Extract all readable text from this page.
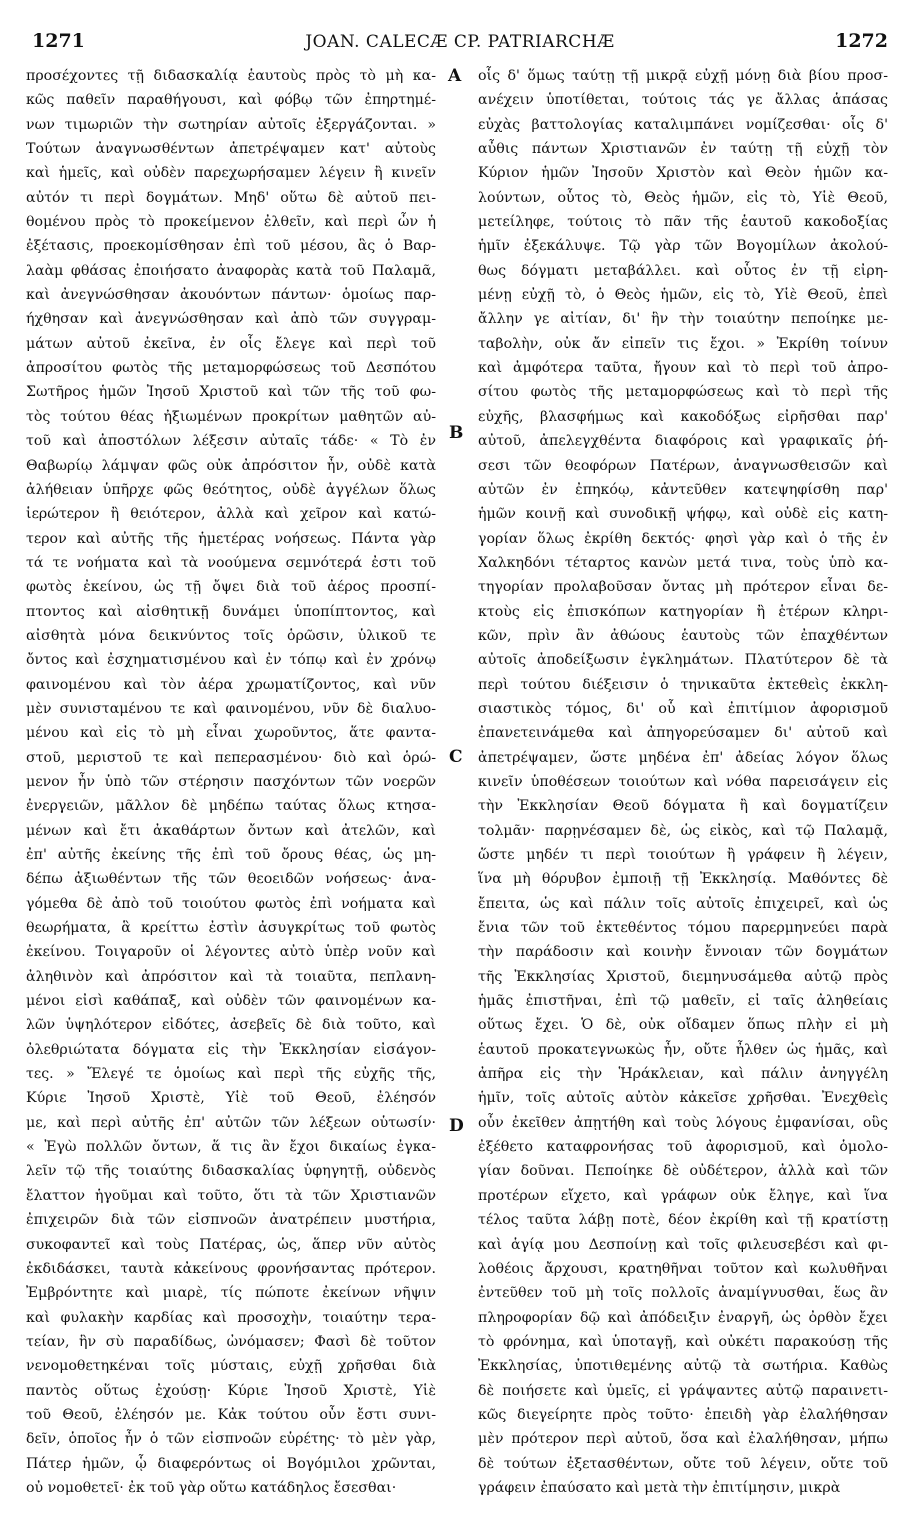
1271	JOAN. CALECÆ CP. PATRIARCHÆ	1272
A
B
C
D
προσέχοντες τῇ διδασκαλίᾳ ἑαυτοὺς πρὸς τὸ μὴ κα-
κῶς παθεῖν παραθήγουσι, καὶ φόβῳ τῶν ἐπηρτημέ-
νων τιμωριῶν τὴν σωτηρίαν αὐτοῖς ἐξεργάζονται. »
Τούτων ἀναγνωσθέντων ἀπετρέψαμεν κατ' αὐτοὺς
καὶ ἡμεῖς, καὶ οὐδὲν παρεχωρήσαμεν λέγειν ἢ κινεῖν
αὐτόν τι περὶ δογμάτων. Μηδ' οὕτω δὲ αὐτοῦ πει-
θομένου πρὸς τὸ προκείμενον ἐλθεῖν, καὶ περὶ ὧν ἡ
ἐξέτασις, προεκομίσθησαν ἐπὶ τοῦ μέσου, ἃς ὁ Βαρ-
λαὰμ φθάσας ἐποιήσατο ἀναφορὰς κατὰ τοῦ Παλαμᾶ,
καὶ ἀνεγνώσθησαν ἀκουόντων πάντων· ὁμοίως παρ-
ήχθησαν καὶ ἀνεγνώσθησαν καὶ ἀπὸ τῶν συγγραμ-
μάτων αὐτοῦ ἐκεῖνα, ἐν οἷς ἔλεγε καὶ περὶ τοῦ
ἀπροσίτου φωτὸς τῆς μεταμορφώσεως τοῦ Δεσπότου
Σωτῆρος ἡμῶν Ἰησοῦ Χριστοῦ καὶ τῶν τῆς τοῦ φω-
τὸς τούτου θέας ἠξιωμένων προκρίτων μαθητῶν αὐ-
τοῦ καὶ ἀποστόλων λέξεσιν αὐταῖς τάδε· « Τὸ ἐν
Θαβωρίῳ λάμψαν φῶς οὐκ ἀπρόσιτον ἦν, οὐδὲ κατὰ
ἀλήθειαν ὑπῆρχε φῶς θεότητος, οὐδὲ ἀγγέλων ὅλως
ἱερώτερον ἢ θειότερον, ἀλλὰ καὶ χεῖρον καὶ κατώ-
τερον καὶ αὐτῆς τῆς ἡμετέρας νοήσεως. Πάντα γὰρ
τά τε νοήματα καὶ τὰ νοούμενα σεμνότερά ἐστι τοῦ
φωτὸς ἐκείνου, ὡς τῇ ὄψει διὰ τοῦ ἀέρος προσπί-
πτοντος καὶ αἰσθητικῇ δυνάμει ὑποπίπτοντος, καὶ
αἰσθητὰ μόνα δεικνύντος τοῖς ὁρῶσιν, ὑλικοῦ τε
ὄντος καὶ ἐσχηματισμένου καὶ ἐν τόπῳ καὶ ἐν χρόνῳ
φαινομένου καὶ τὸν ἀέρα χρωματίζοντος, καὶ νῦν
μὲν συνισταμένου τε καὶ φαινομένου, νῦν δὲ διαλυο-
μένου καὶ εἰς τὸ μὴ εἶναι χωροῦντος, ἅτε φαντα-
στοῦ, μεριστοῦ τε καὶ πεπερασμένου· διὸ καὶ ὁρώ-
μενον ἦν ὑπὸ τῶν στέρησιν πασχόντων τῶν νοερῶν
ἐνεργειῶν, μᾶλλον δὲ μηδέπω ταύτας ὅλως κτησα-
μένων καὶ ἔτι ἀκαθάρτων ὄντων καὶ ἀτελῶν, καὶ
ἐπ' αὐτῆς ἐκείνης τῆς ἐπὶ τοῦ ὄρους θέας, ὡς μη-
δέπω ἀξιωθέντων τῆς τῶν θεοειδῶν νοήσεως· ἀνα-
γόμεθα δὲ ἀπὸ τοῦ τοιούτου φωτὸς ἐπὶ νοήματα καὶ
θεωρήματα, ἃ κρείττω ἐστὶν ἀσυγκρίτως τοῦ φωτὸς
ἐκείνου. Τοιγαροῦν οἱ λέγοντες αὐτὸ ὑπὲρ νοῦν καὶ
ἀληθινὸν καὶ ἀπρόσιτον καὶ τὰ τοιαῦτα, πεπλανη-
μένοι εἰσὶ καθάπαξ, καὶ οὐδὲν τῶν φαινομένων κα-
λῶν ὑψηλότερον εἰδότες, ἀσεβεῖς δὲ διὰ τοῦτο, καὶ
ὀλεθριώτατα δόγματα εἰς τὴν Ἐκκλησίαν εἰσάγον-
τες. » Ἔλεγέ τε ὁμοίως καὶ περὶ τῆς εὐχῆς τῆς,
Κύριε Ἰησοῦ Χριστὲ, Υἱὲ τοῦ Θεοῦ, ἐλέησόν
με, καὶ περὶ αὐτῆς ἐπ' αὐτῶν τῶν λέξεων οὑτωσίν·
« Ἐγὼ πολλῶν ὄντων, ἅ τις ἂν ἔχοι δικαίως ἐγκα-
λεῖν τῷ τῆς τοιαύτης διδασκαλίας ὑφηγητῇ, οὐδενὸς
ἔλαττον ἡγοῦμαι καὶ τοῦτο, ὅτι τὰ τῶν Χριστιανῶν
ἐπιχειρῶν διὰ τῶν εἰσπνοῶν ἀνατρέπειν μυστήρια,
συκοφαντεῖ καὶ τοὺς Πατέρας, ὡς, ἅπερ νῦν αὐτὸς
ἐκδιδάσκει, ταυτὰ κἀκείνους φρονήσαντας πρότερον.
Ἐμβρόντητε καὶ μιαρὲ, τίς πώποτε ἐκείνων νῆψιν
καὶ φυλακὴν καρδίας καὶ προσοχὴν, τοιαύτην τερα-
τείαν, ἣν σὺ παραδίδως, ὠνόμασεν; Φασὶ δὲ τοῦτον
νενομοθετηκέναι τοῖς μύσταις, εὐχῇ χρῆσθαι διὰ
παντὸς οὕτως ἐχούσῃ· Κύριε Ἰησοῦ Χριστὲ, Υἱὲ
τοῦ Θεοῦ, ἐλέησόν με. Κἀκ τούτου οὖν ἔστι συνι-
δεῖν, ὁποῖος ἦν ὁ τῶν εἰσπνοῶν εὑρέτης· τὸ μὲν γὰρ,
Πάτερ ἡμῶν, ᾧ διαφερόντως οἱ Βογόμιλοι χρῶνται,
οὐ νομοθετεῖ· ἐκ τοῦ γὰρ οὕτω κατάδηλος ἔσεσθαι·
οἷς δ' ὅμως ταύτῃ τῇ μικρᾷ εὐχῇ μόνῃ διὰ βίου προσ-
ανέχειν ὑποτίθεται, τούτοις τάς γε ἄλλας ἁπάσας
εὐχὰς βαττολογίας καταλιμπάνει νομίζεσθαι· οἷς δ'
αὖθις πάντων Χριστιανῶν ἐν ταύτῃ τῇ εὐχῇ τὸν
Κύριον ἡμῶν Ἰησοῦν Χριστὸν καὶ Θεὸν ἡμῶν κα-
λούντων, οὗτος τὸ, Θεὸς ἡμῶν, εἰς τὸ, Υἱὲ Θεοῦ,
μετείληφε, τούτοις τὸ πᾶν τῆς ἑαυτοῦ κακοδοξίας
ἡμῖν ἐξεκάλυψε. Τῷ γὰρ τῶν Βογομίλων ἀκολού-
θως δόγματι μεταβάλλει. καὶ οὗτος ἐν τῇ εἰρη-
μένῃ εὐχῇ τὸ, ὁ Θεὸς ἡμῶν, εἰς τὸ, Υἱὲ Θεοῦ, ἐπεὶ
ἄλλην γε αἰτίαν, δι' ἣν τὴν τοιαύτην πεποίηκε με-
ταβολὴν, οὐκ ἄν εἰπεῖν τις ἔχοι. » Ἐκρίθη τοίνυν
καὶ ἀμφότερα ταῦτα, ἤγουν καὶ τὸ περὶ τοῦ ἀπρο-
σίτου φωτὸς τῆς μεταμορφώσεως καὶ τὸ περὶ τῆς
εὐχῆς, βλασφήμως καὶ κακοδόξως εἰρῆσθαι παρ'
αὐτοῦ, ἀπελεγχθέντα διαφόροις καὶ γραφικαῖς ῥή-
σεσι τῶν θεοφόρων Πατέρων, ἀναγνωσθεισῶν καὶ
αὐτῶν ἐν ἐπηκόῳ, κἀντεῦθεν κατεψηφίσθη παρ'
ἡμῶν κοινῇ καὶ συνοδικῇ ψήφῳ, καὶ οὐδὲ εἰς κατη-
γορίαν ὅλως ἐκρίθη δεκτός· φησὶ γὰρ καὶ ὁ τῆς ἐν
Χαλκηδόνι τέταρτος κανὼν μετά τινα, τοὺς ὑπὸ κα-
τηγορίαν προλαβοῦσαν ὄντας μὴ πρότερον εἶναι δε-
κτοὺς εἰς ἐπισκόπων κατηγορίαν ἢ ἑτέρων κληρι-
κῶν, πρὶν ἂν ἀθώους ἑαυτοὺς τῶν ἐπαχθέντων
αὐτοῖς ἀποδείξωσιν ἐγκλημάτων. Πλατύτερον δὲ τὰ
περὶ τούτου διέξεισιν ὁ τηνικαῦτα ἐκτεθεὶς ἐκκλη-
σιαστικὸς τόμος, δι' οὗ καὶ ἐπιτίμιον ἀφορισμοῦ
ἐπανετεινάμεθα καὶ ἀπηγορεύσαμεν δι' αὐτοῦ καὶ
ἀπετρέψαμεν, ὥστε μηδένα ἐπ' ἀδείας λόγον ὅλως
κινεῖν ὑποθέσεων τοιούτων καὶ νόθα παρεισάγειν εἰς
τὴν Ἐκκλησίαν Θεοῦ δόγματα ἢ καὶ δογματίζειν
τολμᾶν· παρῃνέσαμεν δὲ, ὡς εἰκὸς, καὶ τῷ Παλαμᾷ,
ὥστε μηδέν τι περὶ τοιούτων ἢ γράφειν ἢ λέγειν,
ἵνα μὴ θόρυβον ἐμποιῇ τῇ Ἐκκλησίᾳ. Μαθόντες δὲ
ἔπειτα, ὡς καὶ πάλιν τοῖς αὐτοῖς ἐπιχειρεῖ, καὶ ὡς
ἔνια τῶν τοῦ ἐκτεθέντος τόμου παρερμηνεύει παρὰ
τὴν παράδοσιν καὶ κοινὴν ἔννοιαν τῶν δογμάτων
τῆς Ἐκκλησίας Χριστοῦ, διεμηνυσάμεθα αὐτῷ πρὸς
ἡμᾶς ἐπιστῆναι, ἐπὶ τῷ μαθεῖν, εἰ ταῖς ἀληθείαις
οὕτως ἔχει. Ὁ δὲ, οὐκ οἴδαμεν ὅπως πλὴν εἰ μὴ
ἑαυτοῦ προκατεγνωκὼς ἦν, οὔτε ἦλθεν ὡς ἡμᾶς, καὶ
ἀπῆρα εἰς τὴν Ἡράκλειαν, καὶ πάλιν ἀνηγγέλη
ἡμῖν, τοῖς αὐτοῖς αὐτὸν κἀκεῖσε χρῆσθαι. Ἐνεχθεὶς
οὖν ἐκεῖθεν ἀπῃτήθη καὶ τοὺς λόγους ἐμφανίσαι, οὓς
ἐξέθετο καταφρονήσας τοῦ ἀφορισμοῦ, καὶ ὁμολο-
γίαν δοῦναι. Πεποίηκε δὲ οὐδέτερον, ἀλλὰ καὶ τῶν
προτέρων εἴχετο, καὶ γράφων οὐκ ἔληγε, καὶ ἵνα
τέλος ταῦτα λάβῃ ποτὲ, δέον ἐκρίθη καὶ τῇ κρατίστῃ
καὶ ἁγίᾳ μου Δεσποίνῃ καὶ τοῖς φιλευσεβέσι καὶ φι-
λοθέοις ἄρχουσι, κρατηθῆναι τοῦτον καὶ κωλυθῆναι
ἐντεῦθεν τοῦ μὴ τοῖς πολλοῖς ἀναμίγνυσθαι, ἕως ἂν
πληροφορίαν δῷ καὶ ἀπόδειξιν ἐναργῆ, ὡς ὀρθὸν ἔχει
τὸ φρόνημα, καὶ ὑποταγῇ, καὶ οὐκέτι παρακούσῃ τῆς
Ἐκκλησίας, ὑποτιθεμένης αὐτῷ τὰ σωτήρια. Καθὼς
δὲ ποιήσετε καὶ ὑμεῖς, εἰ γράψαντες αὐτῷ παραινετι-
κῶς διεγείρητε πρὸς τοῦτο· ἐπειδὴ γὰρ ἐλαλήθησαν
μὲν πρότερον περὶ αὐτοῦ, ὅσα καὶ ἐλαλήθησαν, μήπω
δὲ τούτων ἐξετασθέντων, οὔτε τοῦ λέγειν, οὔτε τοῦ
γράφειν ἐπαύσατο καὶ μετὰ τὴν ἐπιτίμησιν, μικρὰ
